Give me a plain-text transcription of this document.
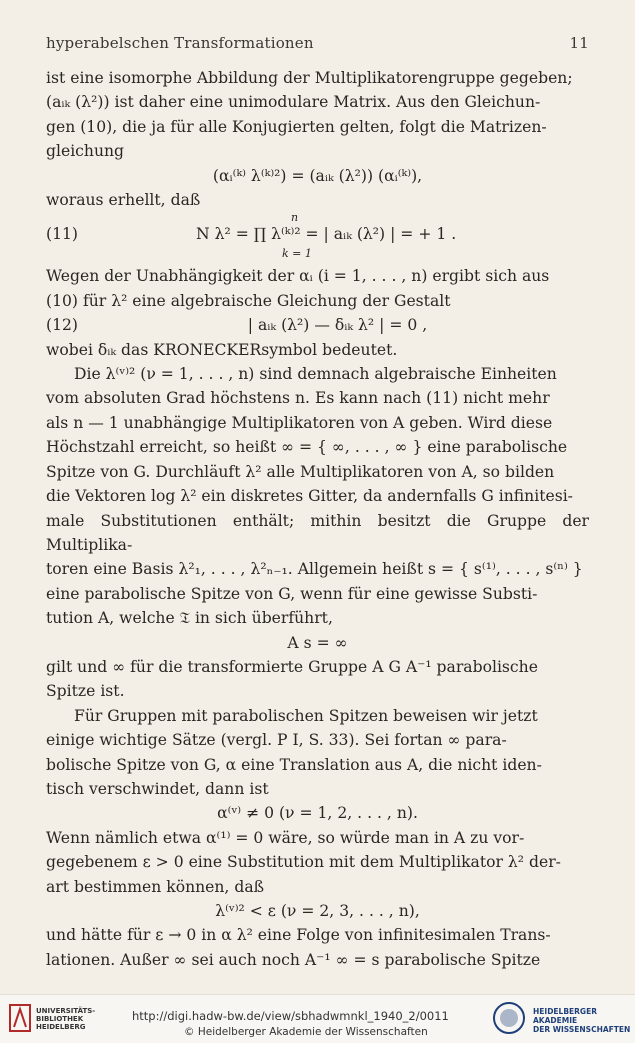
hyperabelschen Transformationen	11

ist eine isomorphe Abbildung der Multiplikatorengruppe gegeben;

(aᵢₖ (λ²)) ist daher eine unimodulare Matrix. Aus den Gleichun-

gen (10), die ja für alle Konjugierten gelten, folgt die Matrizen-

gleichung

(αᵢ⁽ᵏ⁾ λ⁽ᵏ⁾²) = (aᵢₖ (λ²)) (αᵢ⁽ᵏ⁾),

woraus erhellt, daß

(11)
n
N λ² = ∏ λ⁽ᵏ⁾² = | aᵢₖ (λ²) | = + 1 .
k = 1

Wegen der Unabhängigkeit der αᵢ (i = 1, . . . , n) ergibt sich aus

(10) für λ² eine algebraische Gleichung der Gestalt

(12)	| aᵢₖ (λ²) — δᵢₖ λ² | = 0 ,

wobei δᵢₖ das KRONECKERsymbol bedeutet.

Die λ⁽ᵛ⁾² (ν = 1, . . . , n) sind demnach algebraische Einheiten

vom absoluten Grad höchstens n. Es kann nach (11) nicht mehr

als n — 1 unabhängige Multiplikatoren von A geben. Wird diese

Höchstzahl erreicht, so heißt ∞ = { ∞, . . . , ∞ } eine parabolische

Spitze von G. Durchläuft λ² alle Multiplikatoren von A, so bilden

die Vektoren log λ² ein diskretes Gitter, da andernfalls G infinitesi-

male Substitutionen enthält; mithin besitzt die Gruppe der Multiplika-

toren eine Basis λ²₁, . . . , λ²ₙ₋₁. Allgemein heißt s = { s⁽¹⁾, . . . , s⁽ⁿ⁾ }

eine parabolische Spitze von G, wenn für eine gewisse Substi-

tution A, welche 𝔗 in sich überführt,

A s = ∞

gilt und ∞ für die transformierte Gruppe A G A⁻¹ parabolische

Spitze ist.

Für Gruppen mit parabolischen Spitzen beweisen wir jetzt

einige wichtige Sätze (vergl. P I, S. 33). Sei fortan ∞ para-

bolische Spitze von G, α eine Translation aus A, die nicht iden-

tisch verschwindet, dann ist

α⁽ᵛ⁾ ≠ 0 (ν = 1, 2, . . . , n).

Wenn nämlich etwa α⁽¹⁾ = 0 wäre, so würde man in A zu vor-

gegebenem ε > 0 eine Substitution mit dem Multiplikator λ² der-

art bestimmen können, daß

λ⁽ᵛ⁾² < ε (ν = 2, 3, . . . , n),

und hätte für ε → 0 in α λ² eine Folge von infinitesimalen Trans-

lationen. Außer ∞ sei auch noch A⁻¹ ∞ = s parabolische Spitze

UNIVERSITÄTS-
BIBLIOTHEK
HEIDELBERG
http://digi.hadw-bw.de/view/sbhadwmnkl_1940_2/0011
© Heidelberger Akademie der Wissenschaften
HEIDELBERGER AKADEMIE
DER WISSENSCHAFTEN
